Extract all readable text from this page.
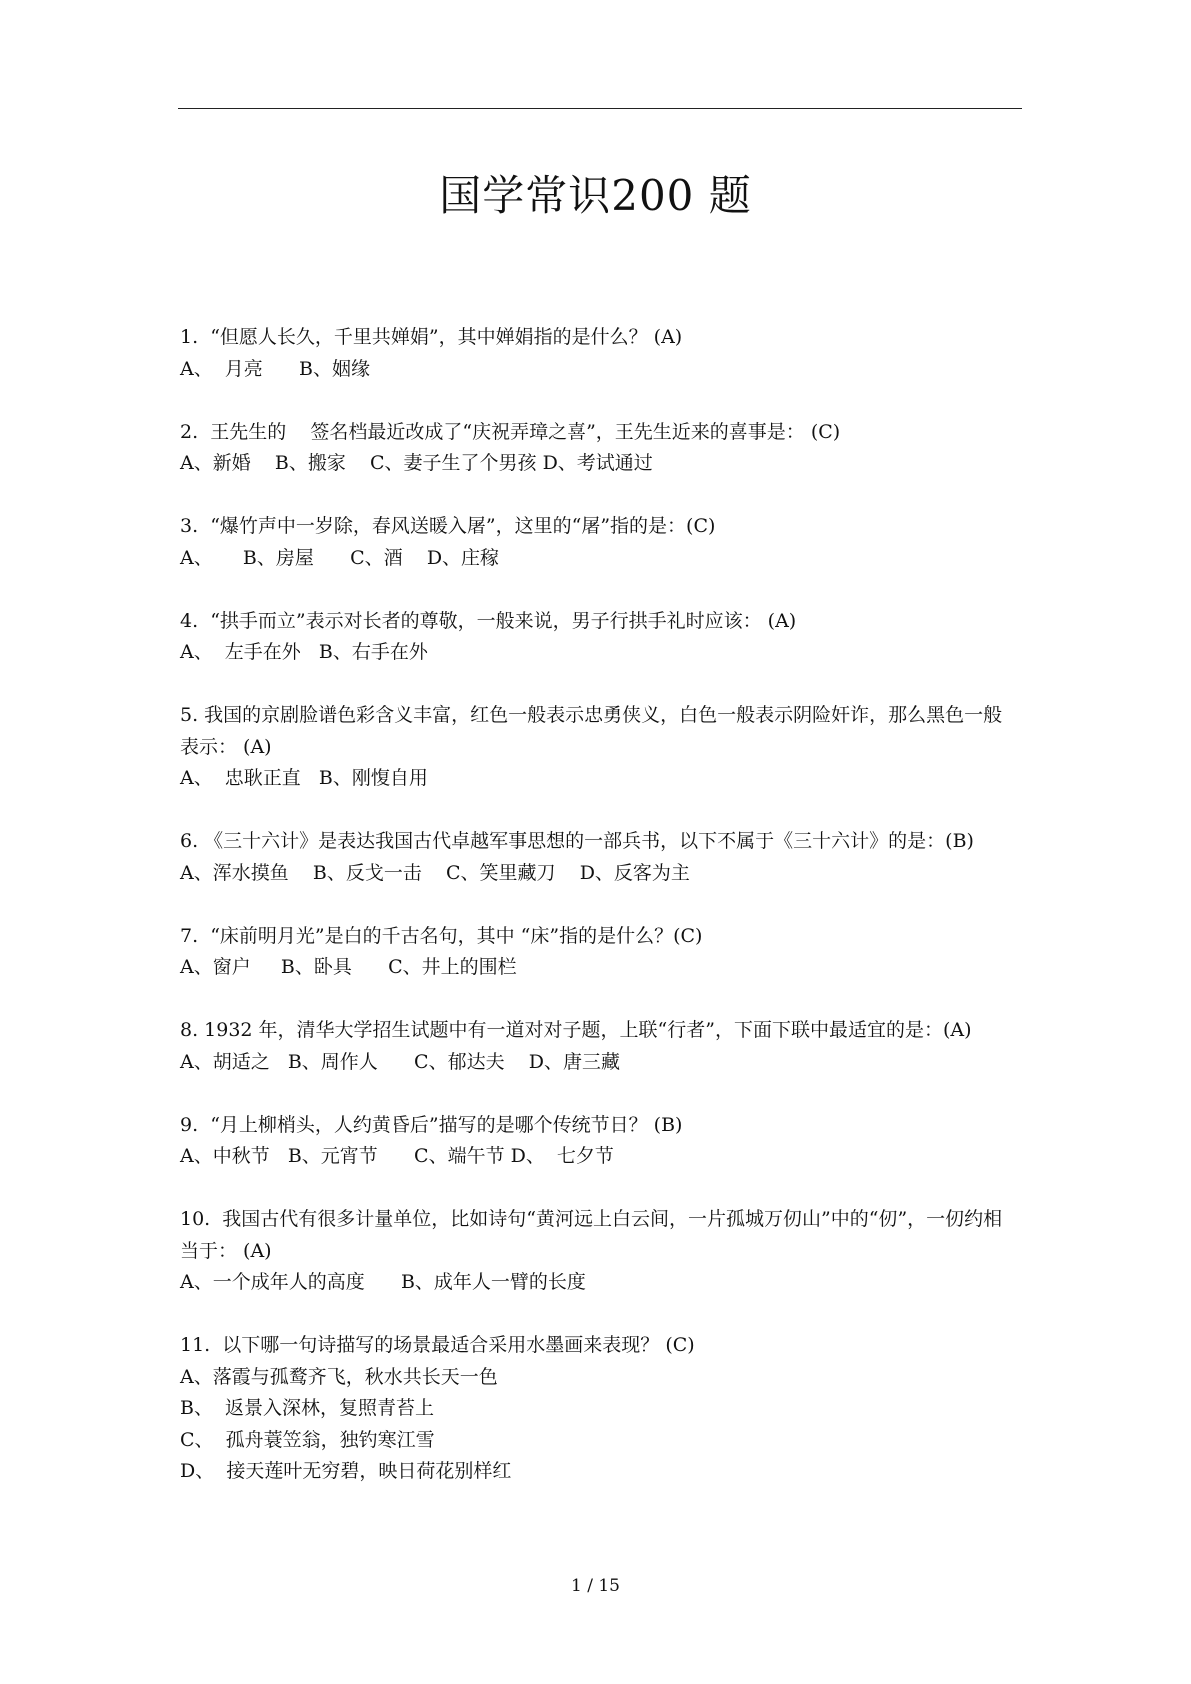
国学常识200 题
1.  “但愿人长久，千里共婵娟”，其中婵娟指的是什么？ (A)
A、  月亮      B、姻缘
2.  王先生的    签名档最近改成了“庆祝弄璋之喜”，王先生近来的喜事是： (C)
A、新婚    B、搬家    C、妻子生了个男孩 D、考试通过
3.  “爆竹声中一岁除，春风送暖入屠”，这里的“屠”指的是：(C)
A、     B、房屋      C、酒    D、庄稼
4.  “拱手而立”表示对长者的尊敬，一般来说，男子行拱手礼时应该： (A)
A、  左手在外   B、右手在外
5. 我国的京剧脸谱色彩含义丰富，红色一般表示忠勇侠义，白色一般表示阴险奸诈，那么黑色一般表示： (A)
A、  忠耿正直   B、刚愎自用
6. 《三十六计》是表达我国古代卓越军事思想的一部兵书，以下不属于《三十六计》的是：(B)
A、浑水摸鱼    B、反戈一击    C、笑里藏刀    D、反客为主
7.  “床前明月光”是白的千古名句，其中 “床”指的是什么？(C)
A、窗户     B、卧具      C、井上的围栏
8. 1932 年，清华大学招生试题中有一道对对子题，上联“行者”，下面下联中最适宜的是：(A)
A、胡适之   B、周作人      C、郁达夫    D、唐三藏
9.  “月上柳梢头，人约黄昏后”描写的是哪个传统节日？ (B)
A、中秋节   B、元宵节      C、端午节 D、  七夕节
10.  我国古代有很多计量单位，比如诗句“黄河远上白云间，一片孤城万仞山”中的“仞”，一仞约相当于： (A)
A、一个成年人的高度      B、成年人一臂的长度
11.  以下哪一句诗描写的场景最适合采用水墨画来表现？ (C)
A、落霞与孤鹜齐飞，秋水共长天一色
B、  返景入深林，复照青苔上
C、  孤舟蓑笠翁，独钓寒江雪
D、  接天莲叶无穷碧，映日荷花别样红
1 / 15
